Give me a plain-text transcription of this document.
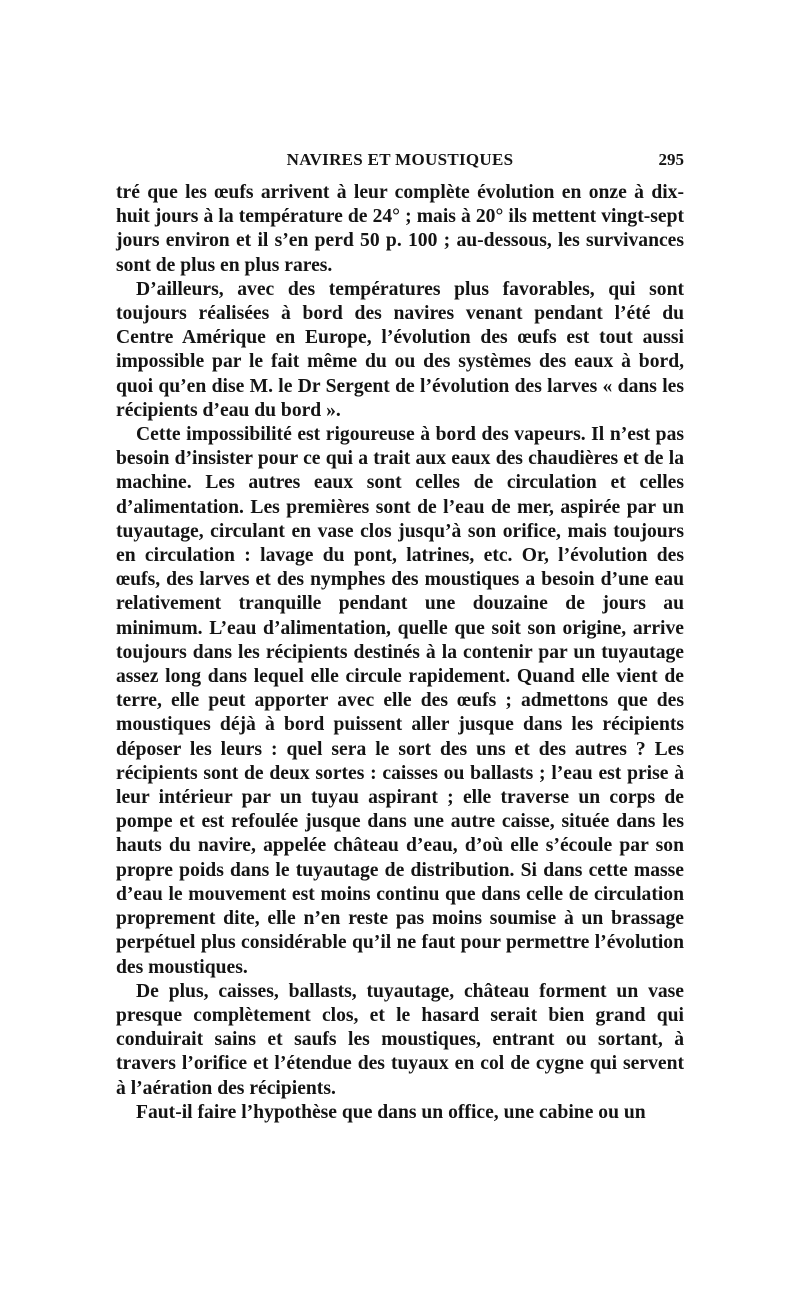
NAVIRES ET MOUSTIQUES	295

tré que les œufs arrivent à leur complète évolution en onze à dix-huit jours à la température de 24° ; mais à 20° ils mettent vingt-sept jours environ et il s’en perd 50 p. 100 ; au-dessous, les survivances sont de plus en plus rares.

D’ailleurs, avec des températures plus favorables, qui sont toujours réalisées à bord des navires venant pendant l’été du Centre Amérique en Europe, l’évolution des œufs est tout aussi impossible par le fait même du ou des systèmes des eaux à bord, quoi qu’en dise M. le Dr Sergent de l’évolution des larves « dans les récipients d’eau du bord ».

Cette impossibilité est rigoureuse à bord des vapeurs. Il n’est pas besoin d’insister pour ce qui a trait aux eaux des chaudières et de la machine. Les autres eaux sont celles de circulation et celles d’alimentation. Les premières sont de l’eau de mer, aspirée par un tuyautage, circulant en vase clos jusqu’à son orifice, mais toujours en circulation : lavage du pont, latrines, etc. Or, l’évolution des œufs, des larves et des nymphes des moustiques a besoin d’une eau relativement tranquille pendant une douzaine de jours au minimum. L’eau d’alimentation, quelle que soit son origine, arrive toujours dans les récipients destinés à la contenir par un tuyautage assez long dans lequel elle circule rapidement. Quand elle vient de terre, elle peut apporter avec elle des œufs ; admettons que des moustiques déjà à bord puissent aller jusque dans les récipients déposer les leurs : quel sera le sort des uns et des autres ? Les récipients sont de deux sortes : caisses ou ballasts ; l’eau est prise à leur intérieur par un tuyau aspirant ; elle traverse un corps de pompe et est refoulée jusque dans une autre caisse, située dans les hauts du navire, appelée château d’eau, d’où elle s’écoule par son propre poids dans le tuyautage de distribution. Si dans cette masse d’eau le mouvement est moins continu que dans celle de circulation proprement dite, elle n’en reste pas moins soumise à un brassage perpétuel plus considérable qu’il ne faut pour permettre l’évolution des moustiques.

De plus, caisses, ballasts, tuyautage, château forment un vase presque complètement clos, et le hasard serait bien grand qui conduirait sains et saufs les moustiques, entrant ou sortant, à travers l’orifice et l’étendue des tuyaux en col de cygne qui servent à l’aération des récipients.

Faut-il faire l’hypothèse que dans un office, une cabine ou un
